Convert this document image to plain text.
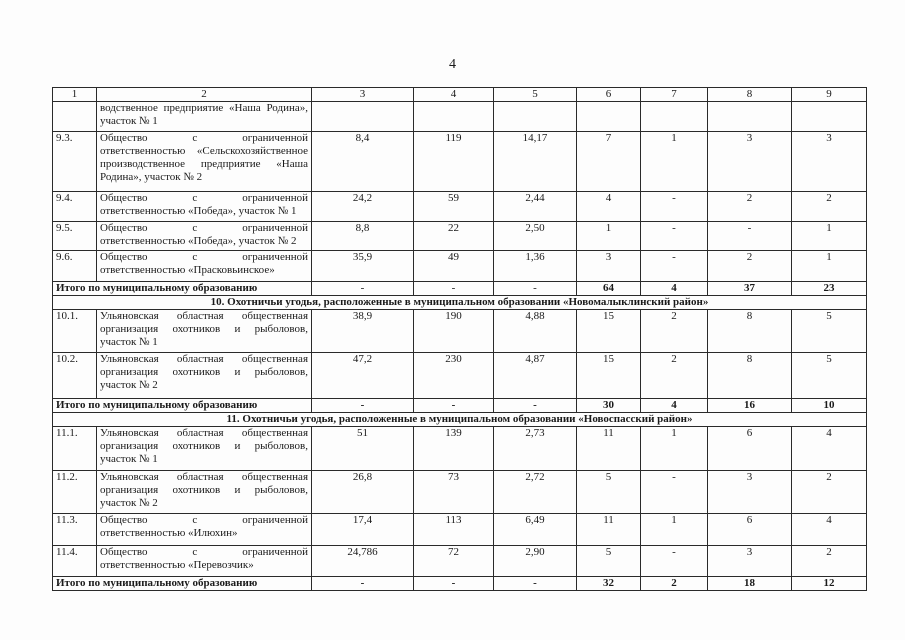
4
1	2	3	4	5	6	7	8	9
	водственное предприятие «Наша Родина», участок № 1							
9.3.	Общество с ограниченной ответственностью «Сельскохозяйственное производственное предприятие «Наша Родина», участок № 2	8,4	119	14,17	7	1	3	3
9.4.	Общество с ограниченной ответственностью «Победа», участок № 1	24,2	59	2,44	4	-	2	2
9.5.	Общество с ограниченной ответственностью «Победа», участок № 2	8,8	22	2,50	1	-	-	1
9.6.	Общество с ограниченной ответственностью «Прасковьинское»	35,9	49	1,36	3	-	2	1
Итого по муниципальному образованию		-	-	-	64	4	37	23
10. Охотничьи угодья, расположенные в муниципальном образовании «Новомалыклинский район»								
10.1.	Ульяновская областная общественная организация охотников и рыболовов, участок № 1	38,9	190	4,88	15	2	8	5
10.2.	Ульяновская областная общественная организация охотников и рыболовов, участок № 2	47,2	230	4,87	15	2	8	5
Итого по муниципальному образованию		-	-	-	30	4	16	10
11. Охотничьи угодья, расположенные в муниципальном образовании «Новоспасский район»								
11.1.	Ульяновская областная общественная организация охотников и рыболовов, участок № 1	51	139	2,73	11	1	6	4
11.2.	Ульяновская областная общественная организация охотников и рыболовов, участок № 2	26,8	73	2,72	5	-	3	2
11.3.	Общество с ограниченной ответственностью «Илюхин»	17,4	113	6,49	11	1	6	4
11.4.	Общество с ограниченной ответственностью «Перевозчик»	24,786	72	2,90	5	-	3	2
Итого по муниципальному образованию		-	-	-	32	2	18	12
